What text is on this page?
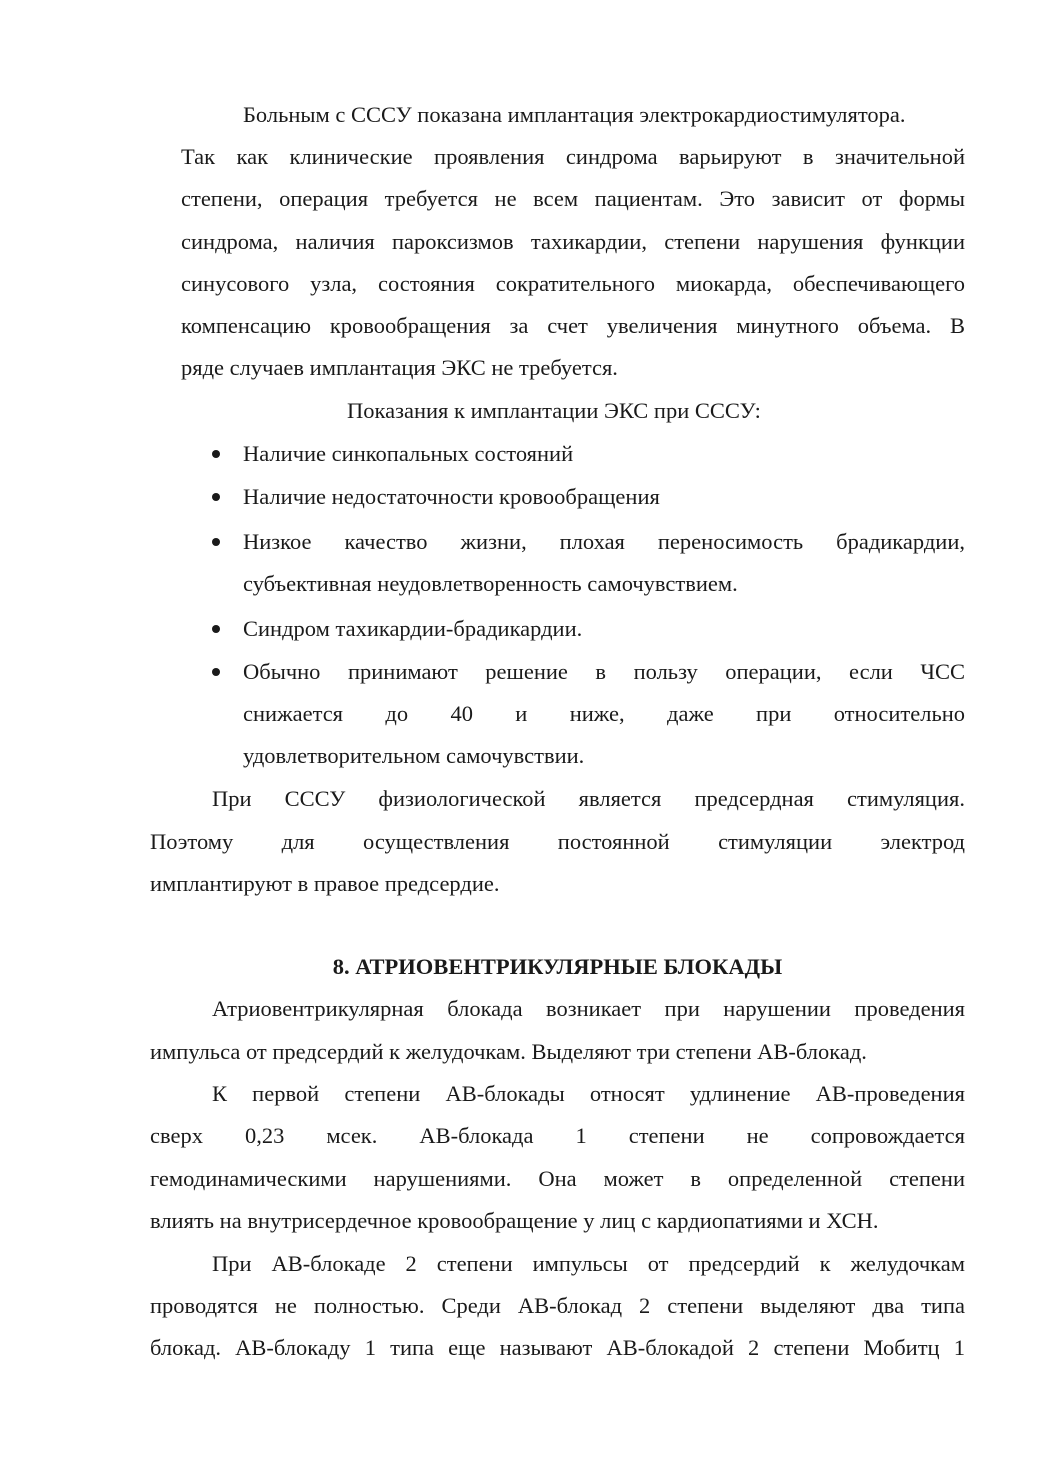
Больным с СССУ показана имплантация электрокардиостимулятора.
Так как клинические проявления синдрома варьируют в значительной
степени, операция требуется не всем пациентам. Это зависит от формы
синдрома, наличия пароксизмов тахикардии, степени нарушения функции
синусового узла, состояния сократительного миокарда, обеспечивающего
компенсацию кровообращения за счет увеличения минутного объема. В
ряде случаев имплантация ЭКС не требуется.
Показания к имплантации ЭКС при СССУ:
Наличие синкопальных состояний
Наличие недостаточности кровообращения
Низкое качество жизни, плохая переносимость брадикардии,
субъективная неудовлетворенность самочувствием.
Синдром тахикардии-брадикардии.
Обычно принимают решение в пользу операции, если ЧСС
снижается до 40 и ниже, даже при относительно
удовлетворительном самочувствии.
При СССУ физиологической является предсердная стимуляция.
Поэтому для осуществления постоянной стимуляции электрод
имплантируют в правое предсердие.
8. АТРИОВЕНТРИКУЛЯРНЫЕ БЛОКАДЫ
Атриовентрикулярная блокада возникает при нарушении проведения
импульса от предсердий к желудочкам. Выделяют три степени АВ-блокад.
К первой степени АВ-блокады относят удлинение АВ-проведения
сверх 0,23 мсек. АВ-блокада 1 степени не сопровождается
гемодинамическими нарушениями. Она может в определенной степени
влиять на внутрисердечное кровообращение у лиц с кардиопатиями и ХСН.
При АВ-блокаде 2 степени импульсы от предсердий к желудочкам
проводятся не полностью. Среди АВ-блокад 2 степени выделяют два типа
блокад. АВ-блокаду 1 типа еще называют АВ-блокадой 2 степени Мобитц 1
